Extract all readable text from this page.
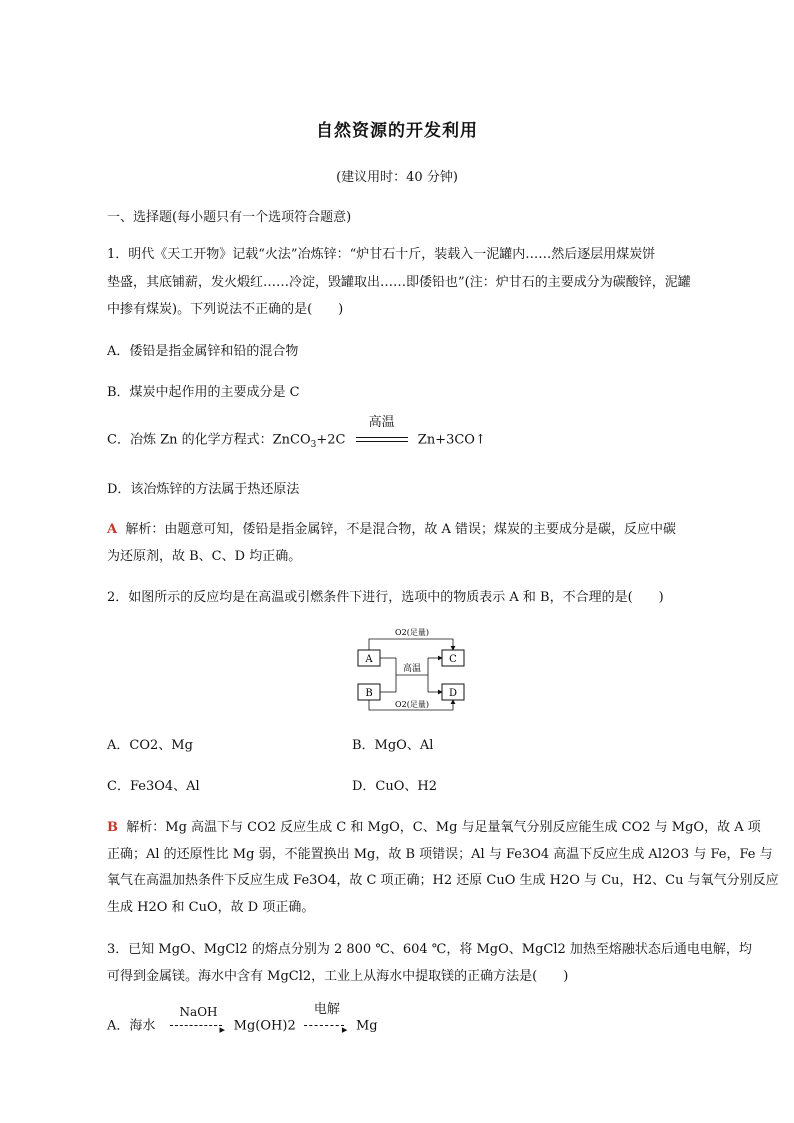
自然资源的开发利用
(建议用时：40 分钟)
一、选择题(每小题只有一个选项符合题意)
1．明代《天工开物》记载“火法”冶炼锌：“炉甘石十斤，装载入一泥罐内……然后逐层用煤炭饼
垫盛，其底铺薪，发火煅红……冷淀，毁罐取出……即倭铅也”(注：炉甘石的主要成分为碳酸锌，泥罐
中掺有煤炭)。下列说法不正确的是(　　)
A．倭铅是指金属锌和铅的混合物
B．煤炭中起作用的主要成分是 C
C．冶炼 Zn 的化学方程式：ZnCO$_3$+2C
高温
Zn+3CO↑
D．该冶炼锌的方法属于热还原法
A 解析：由题意可知，倭铅是指金属锌，不是混合物，故 A 错误；煤炭的主要成分是碳，反应中碳
为还原剂，故 B、C、D 均正确。
2．如图所示的反应均是在高温或引燃条件下进行，选项中的物质表示 A 和 B，不合理的是(　　)
O2(足量)
A
B
C
D
O2(足量)
高温
A．CO2、Mg	B．MgO、Al
C．Fe3O4、Al	D．CuO、H2
B 解析：Mg 高温下与 CO2 反应生成 C 和 MgO，C、Mg 与足量氧气分别反应能生成 CO2 与 MgO，故 A 项
正确；Al 的还原性比 Mg 弱，不能置换出 Mg，故 B 项错误；Al 与 Fe3O4 高温下反应生成 Al2O3 与 Fe，Fe 与
氧气在高温加热条件下反应生成 Fe3O4，故 C 项正确；H2 还原 CuO 生成 H2O 与 Cu，H2、Cu 与氧气分别反应
生成 H2O 和 CuO，故 D 项正确。
3．已知 MgO、MgCl2 的熔点分别为 2 800 ℃、604 ℃，将 MgO、MgCl2 加热至熔融状态后通电电解，均
可得到金属镁。海水中含有 MgCl2，工业上从海水中提取镁的正确方法是(　　)
A．海水
NaOH
▸ Mg(OH)2
电解
▸ Mg
